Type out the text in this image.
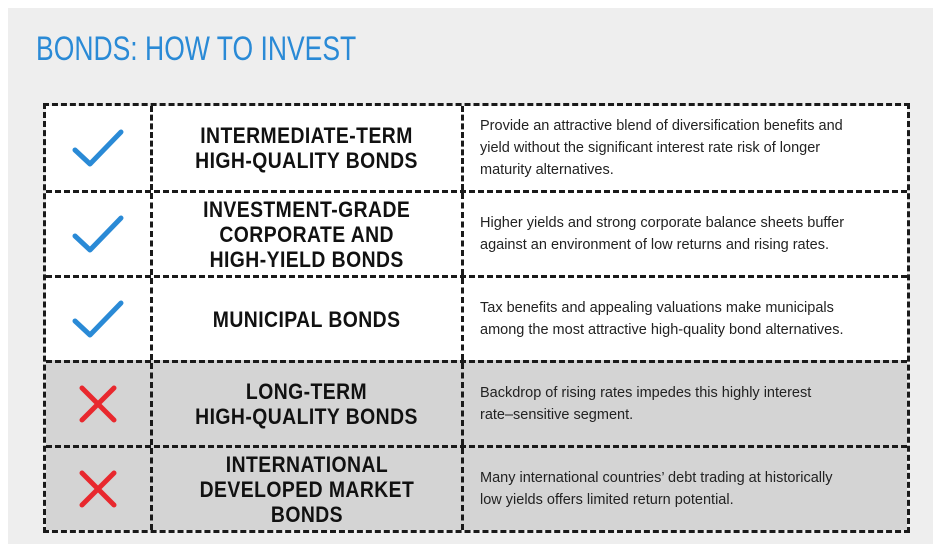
BONDS: HOW TO INVEST
INTERMEDIATE-TERM
HIGH-QUALITY BONDS
Provide an attractive blend of diversification benefits and
yield without the significant interest rate risk of longer
maturity alternatives.
INVESTMENT-GRADE
CORPORATE AND
HIGH-YIELD BONDS
Higher yields and strong corporate balance sheets buffer
against an environment of low returns and rising rates.
MUNICIPAL BONDS	Tax benefits and appealing valuations make municipals
among the most attractive high-quality bond alternatives.
LONG-TERM
HIGH-QUALITY BONDS
Backdrop of rising rates impedes this highly interest
rate–sensitive segment.
INTERNATIONAL
DEVELOPED MARKET
BONDS
Many international countries’ debt trading at historically
low yields offers limited return potential.
